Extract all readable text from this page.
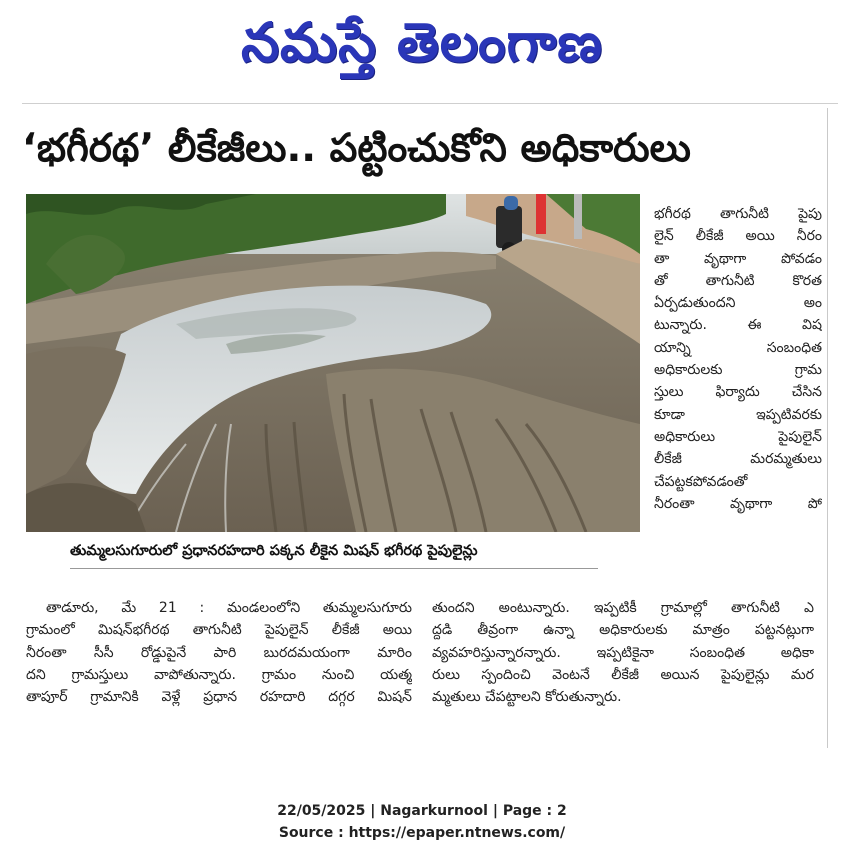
నమస్తే తెలంగాణ
‘భగీరథ’ లీకేజీలు.. పట్టించుకోని అధికారులు
తుమ్మలసుగూరులో ప్రధానరహదారి పక్కన లీకైన మిషన్ భగీరథ పైపులైన్లు
భగీరథ తాగునీటి పైపు
లైన్ లీకేజీ అయి నీరం
తా వృథాగా పోవడం
తో తాగునీటి కొరత
ఏర్పడుతుందని అం
టున్నారు. ఈ విష
యాన్ని సంబంధిత
అధికారులకు గ్రామ
స్తులు ఫిర్యాదు చేసిన
కూడా ఇప్పటివరకు
అధికారులు పైపులైన్
లీకేజీ మరమ్మతులు
చేపట్టకపోవడంతో
నీరంతా వృథాగా పో
తాడూరు, మే 21 : మండలంలోని తుమ్మలసుగూరు
గ్రామంలో మిషన్‌భగీరథ తాగునీటి పైపులైన్ లీకేజీ అయి
నీరంతా సీసీ రోడ్డుపైనే పారి బురదమయంగా మారిం
దని గ్రామస్తులు వాపోతున్నారు. గ్రామం నుంచి యత్మ
తాపూర్ గ్రామానికి వెళ్లే ప్రధాన రహదారి దగ్గర మిషన్
తుందని అంటున్నారు. ఇప్పటికీ గ్రామాల్లో తాగునీటి ఎ
ద్దడి తీవ్రంగా ఉన్నా అధికారులకు మాత్రం పట్టనట్లుగా
వ్యవహరిస్తున్నారన్నారు. ఇప్పటికైనా సంబంధిత అధికా
రులు స్పందించి వెంటనే లీకేజీ అయిన పైపులైన్లు మర
మ్మతులు చేపట్టాలని కోరుతున్నారు.
22/05/2025 | Nagarkurnool | Page : 2
Source : https://epaper.ntnews.com/
